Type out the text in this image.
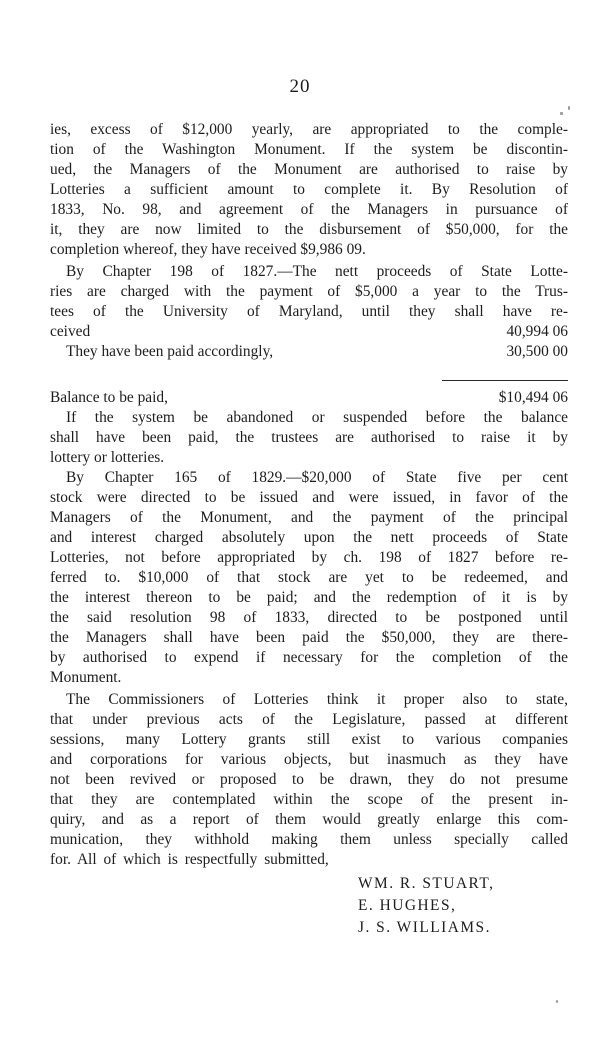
20
ies, excess of $12,000 yearly, are appropriated to the comple-
tion of the Washington Monument. If the system be discontin-
ued, the Managers of the Monument are authorised to raise by
Lotteries a sufficient amount to complete it. By Resolution of
1833, No. 98, and agreement of the Managers in pursuance of
it, they are now limited to the disbursement of $50,000, for the
completion whereof, they have received $9,986 09.
By Chapter 198 of 1827.—The nett proceeds of State Lotte-
ries are charged with the payment of $5,000 a year to the Trus-
tees of the University of Maryland, until they shall have re-
ceived	40,994 06
They have been paid accordingly,	30,500 00
Balance to be paid,	$10,494 06
If the system be abandoned or suspended before the balance
shall have been paid, the trustees are authorised to raise it by
lottery or lotteries.
By Chapter 165 of 1829.—$20,000 of State five per cent
stock were directed to be issued and were issued, in favor of the
Managers of the Monument, and the payment of the principal
and interest charged absolutely upon the nett proceeds of State
Lotteries, not before appropriated by ch. 198 of 1827 before re-
ferred to. $10,000 of that stock are yet to be redeemed, and
the interest thereon to be paid; and the redemption of it is by
the said resolution 98 of 1833, directed to be postponed until
the Managers shall have been paid the $50,000, they are there-
by authorised to expend if necessary for the completion of the
Monument.
The Commissioners of Lotteries think it proper also to state,
that under previous acts of the Legislature, passed at different
sessions, many Lottery grants still exist to various companies
and corporations for various objects, but inasmuch as they have
not been revived or proposed to be drawn, they do not presume
that they are contemplated within the scope of the present in-
quiry, and as a report of them would greatly enlarge this com-
munication, they withhold making them unless specially called
for. All of which is respectfully submitted,
WM. R. STUART,
E. HUGHES,
J. S. WILLIAMS.
